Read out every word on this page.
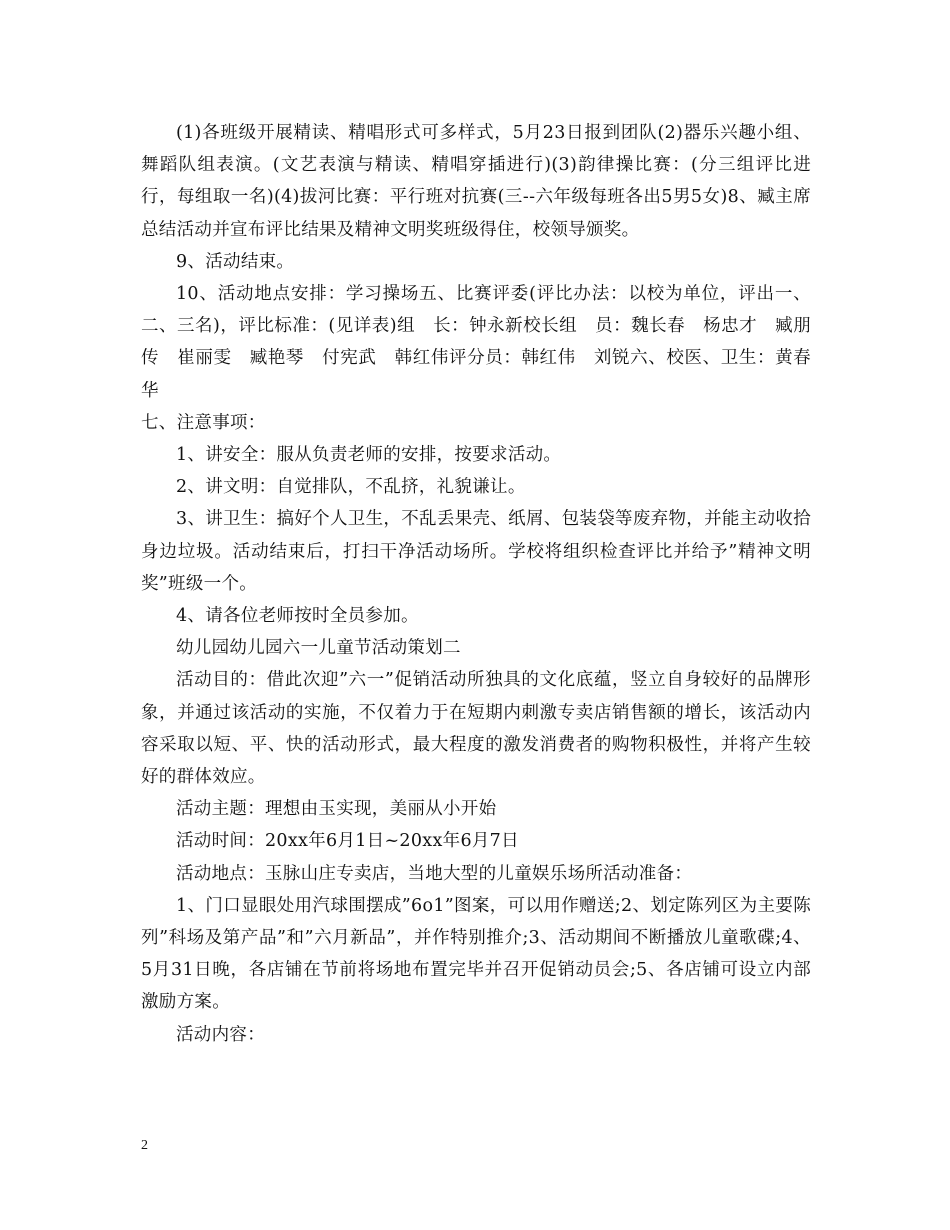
(1)各班级开展精读、精唱形式可多样式，5月23日报到团队(2)器乐兴趣小组、舞蹈队组表演。(文艺表演与精读、精唱穿插进行)(3)韵律操比赛：(分三组评比进行，每组取一名)(4)拔河比赛：平行班对抗赛(三--六年级每班各出5男5女)8、臧主席总结活动并宣布评比结果及精神文明奖班级得住，校领导颁奖。

9、活动结束。

10、活动地点安排：学习操场五、比赛评委(评比办法：以校为单位，评出一、二、三名)，评比标准：(见详表)组　长：钟永新校长组　员：魏长春　杨忠才　臧朋传　崔丽雯　臧艳琴　付宪武　韩红伟评分员：韩红伟　刘锐六、校医、卫生：黄春华

七、注意事项：

1、讲安全：服从负责老师的安排，按要求活动。

2、讲文明：自觉排队，不乱挤，礼貌谦让。

3、讲卫生：搞好个人卫生，不乱丢果壳、纸屑、包装袋等废弃物，并能主动收拾身边垃圾。活动结束后，打扫干净活动场所。学校将组织检查评比并给予”精神文明奖”班级一个。

4、请各位老师按时全员参加。

幼儿园幼儿园六一儿童节活动策划二

活动目的：借此次迎”六一”促销活动所独具的文化底蕴，竖立自身较好的品牌形象，并通过该活动的实施，不仅着力于在短期内刺激专卖店销售额的增长，该活动内容采取以短、平、快的活动形式，最大程度的激发消费者的购物积极性，并将产生较好的群体效应。

活动主题：理想由玉实现，美丽从小开始

活动时间：20xx年6月1日~20xx年6月7日

活动地点：玉脉山庄专卖店，当地大型的儿童娱乐场所活动准备：

1、门口显眼处用汽球围摆成”6o1”图案，可以用作赠送;2、划定陈列区为主要陈列”科场及第产品”和”六月新品”，并作特别推介;3、活动期间不断播放儿童歌碟;4、5月31日晚，各店铺在节前将场地布置完毕并召开促销动员会;5、各店铺可设立内部激励方案。

活动内容：

2
